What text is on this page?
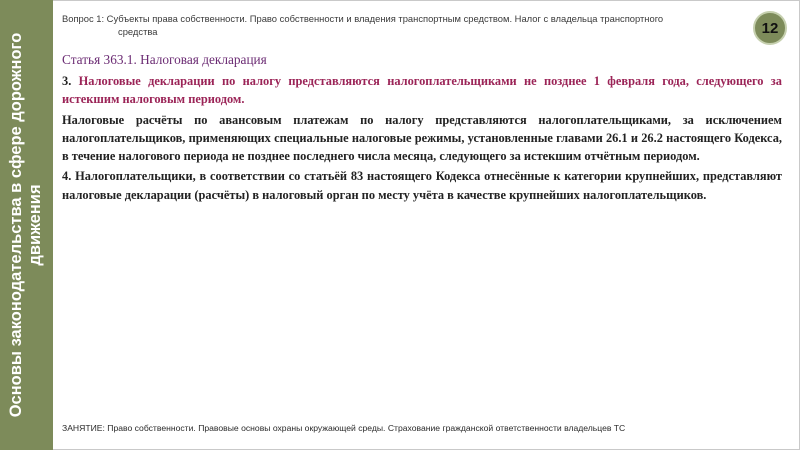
Основы законодательства в сфере дорожного
движения
Вопрос 1: Субъекты права собственности. Право собственности и владения транспортным средством. Налог с владельца транспортного
средства	12

Статья 363.1. Налоговая декларация

3. Налоговые декларации по налогу представляются налогоплательщиками не позднее 1 февраля года, следующего за истекшим налоговым периодом.

Налоговые расчёты по авансовым платежам по налогу представляются налогоплательщиками, за исключением налогоплательщиков, применяющих специальные налоговые режимы, установленные главами 26.1 и 26.2 настоящего Кодекса, в течение налогового периода не позднее последнего числа месяца, следующего за истекшим отчётным периодом.

4. Налогоплательщики, в соответствии со статьёй 83 настоящего Кодекса отнесённые к категории крупнейших, представляют налоговые декларации (расчёты) в налоговый орган по месту учёта в качестве крупнейших налогоплательщиков.

ЗАНЯТИЕ: Право собственности. Правовые основы охраны окружающей среды. Страхование гражданской ответственности владельцев ТС
